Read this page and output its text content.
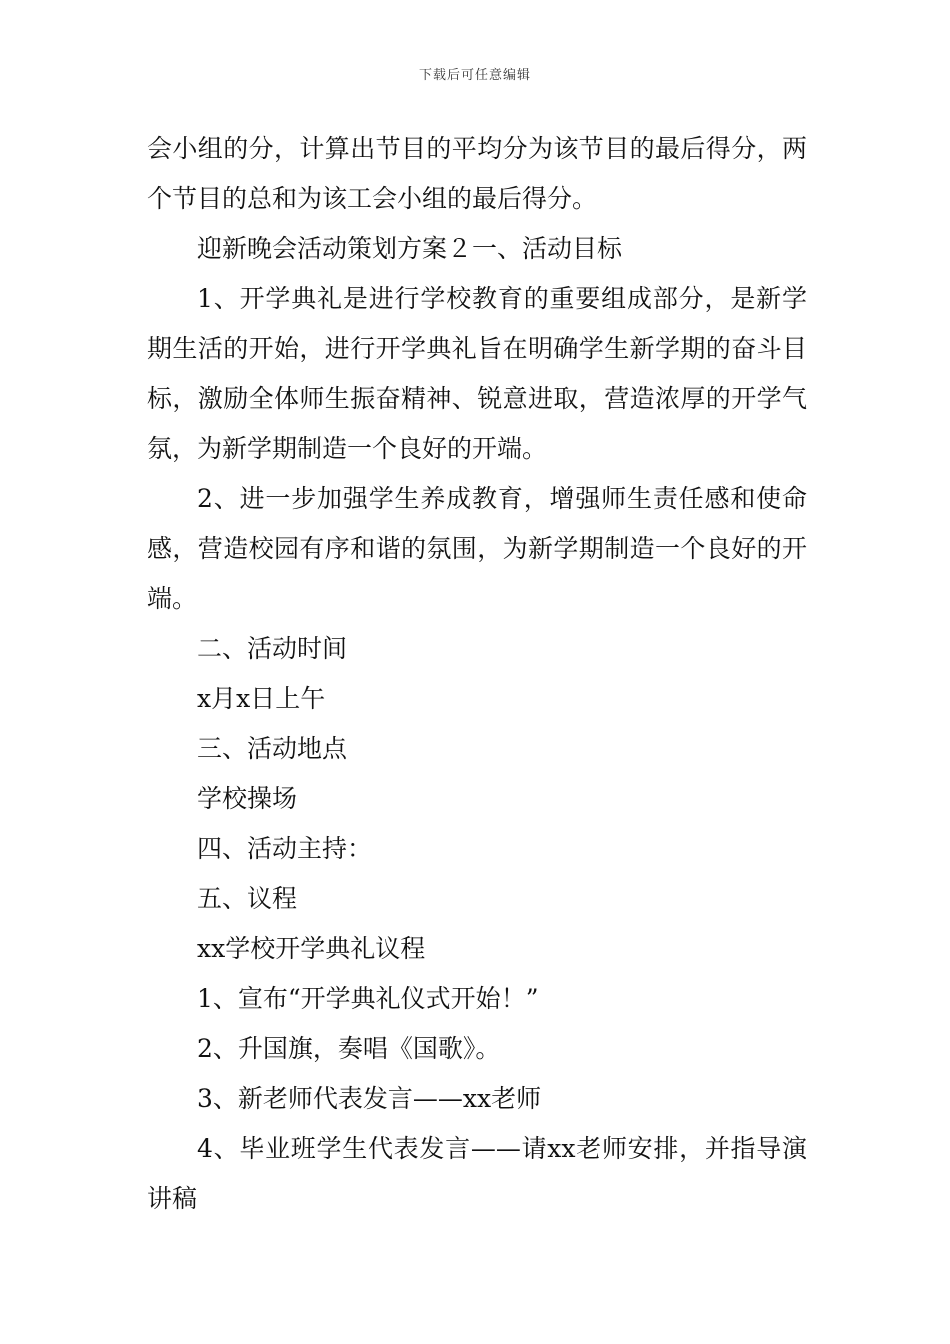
下载后可任意编辑

会小组的分，计算出节目的平均分为该节目的最后得分，两个节目的总和为该工会小组的最后得分。

迎新晚会活动策划方案２一、活动目标

1、开学典礼是进行学校教育的重要组成部分，是新学期生活的开始，进行开学典礼旨在明确学生新学期的奋斗目标，激励全体师生振奋精神、锐意进取，营造浓厚的开学气氛，为新学期制造一个良好的开端。

2、进一步加强学生养成教育，增强师生责任感和使命感，营造校园有序和谐的氛围，为新学期制造一个良好的开端。

二、活动时间

x月x日上午

三、活动地点

学校操场

四、活动主持：

五、议程

xx学校开学典礼议程

1、宣布“开学典礼仪式开始！”

2、升国旗，奏唱《国歌》。

3、新老师代表发言——xx老师

4、毕业班学生代表发言——请xx老师安排，并指导演讲稿
